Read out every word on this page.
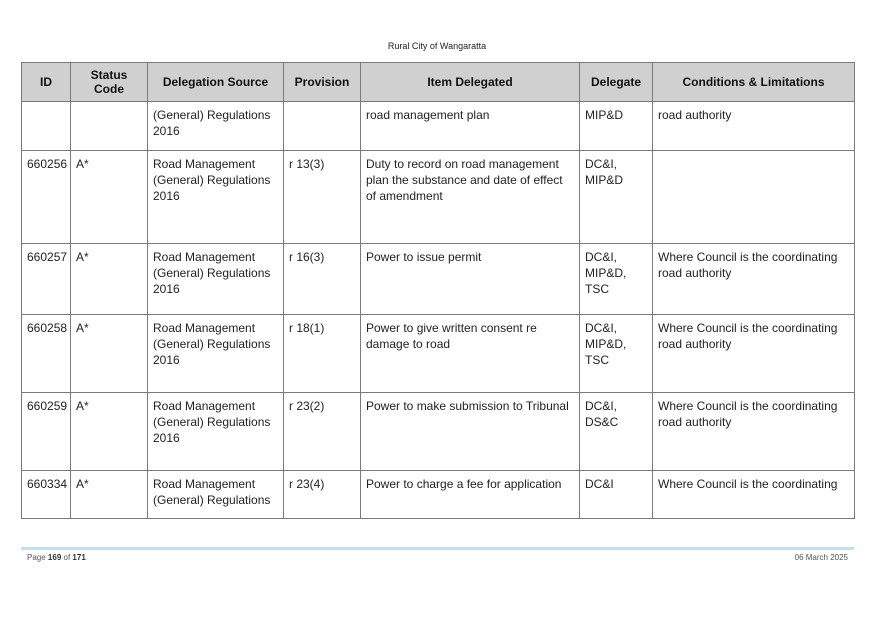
Rural City of Wangaratta
ID	Status Code	Delegation Source	Provision	Item Delegated	Delegate	Conditions & Limitations
		(General) Regulations 2016		road management plan	MIP&D	road authority
660256	A*	Road Management (General) Regulations 2016	r 13(3)	Duty to record on road management plan the substance and date of effect of amendment	DC&I, MIP&D	
660257	A*	Road Management (General) Regulations 2016	r 16(3)	Power to issue permit	DC&I, MIP&D, TSC	Where Council is the coordinating road authority
660258	A*	Road Management (General) Regulations 2016	r 18(1)	Power to give written consent re damage to road	DC&I, MIP&D, TSC	Where Council is the coordinating road authority
660259	A*	Road Management (General) Regulations 2016	r 23(2)	Power to make submission to Tribunal	DC&I, DS&C	Where Council is the coordinating road authority
660334	A*	Road Management (General) Regulations	r 23(4)	Power to charge a fee for application	DC&I	Where Council is the coordinating
Page 169 of 171	06 March 2025
